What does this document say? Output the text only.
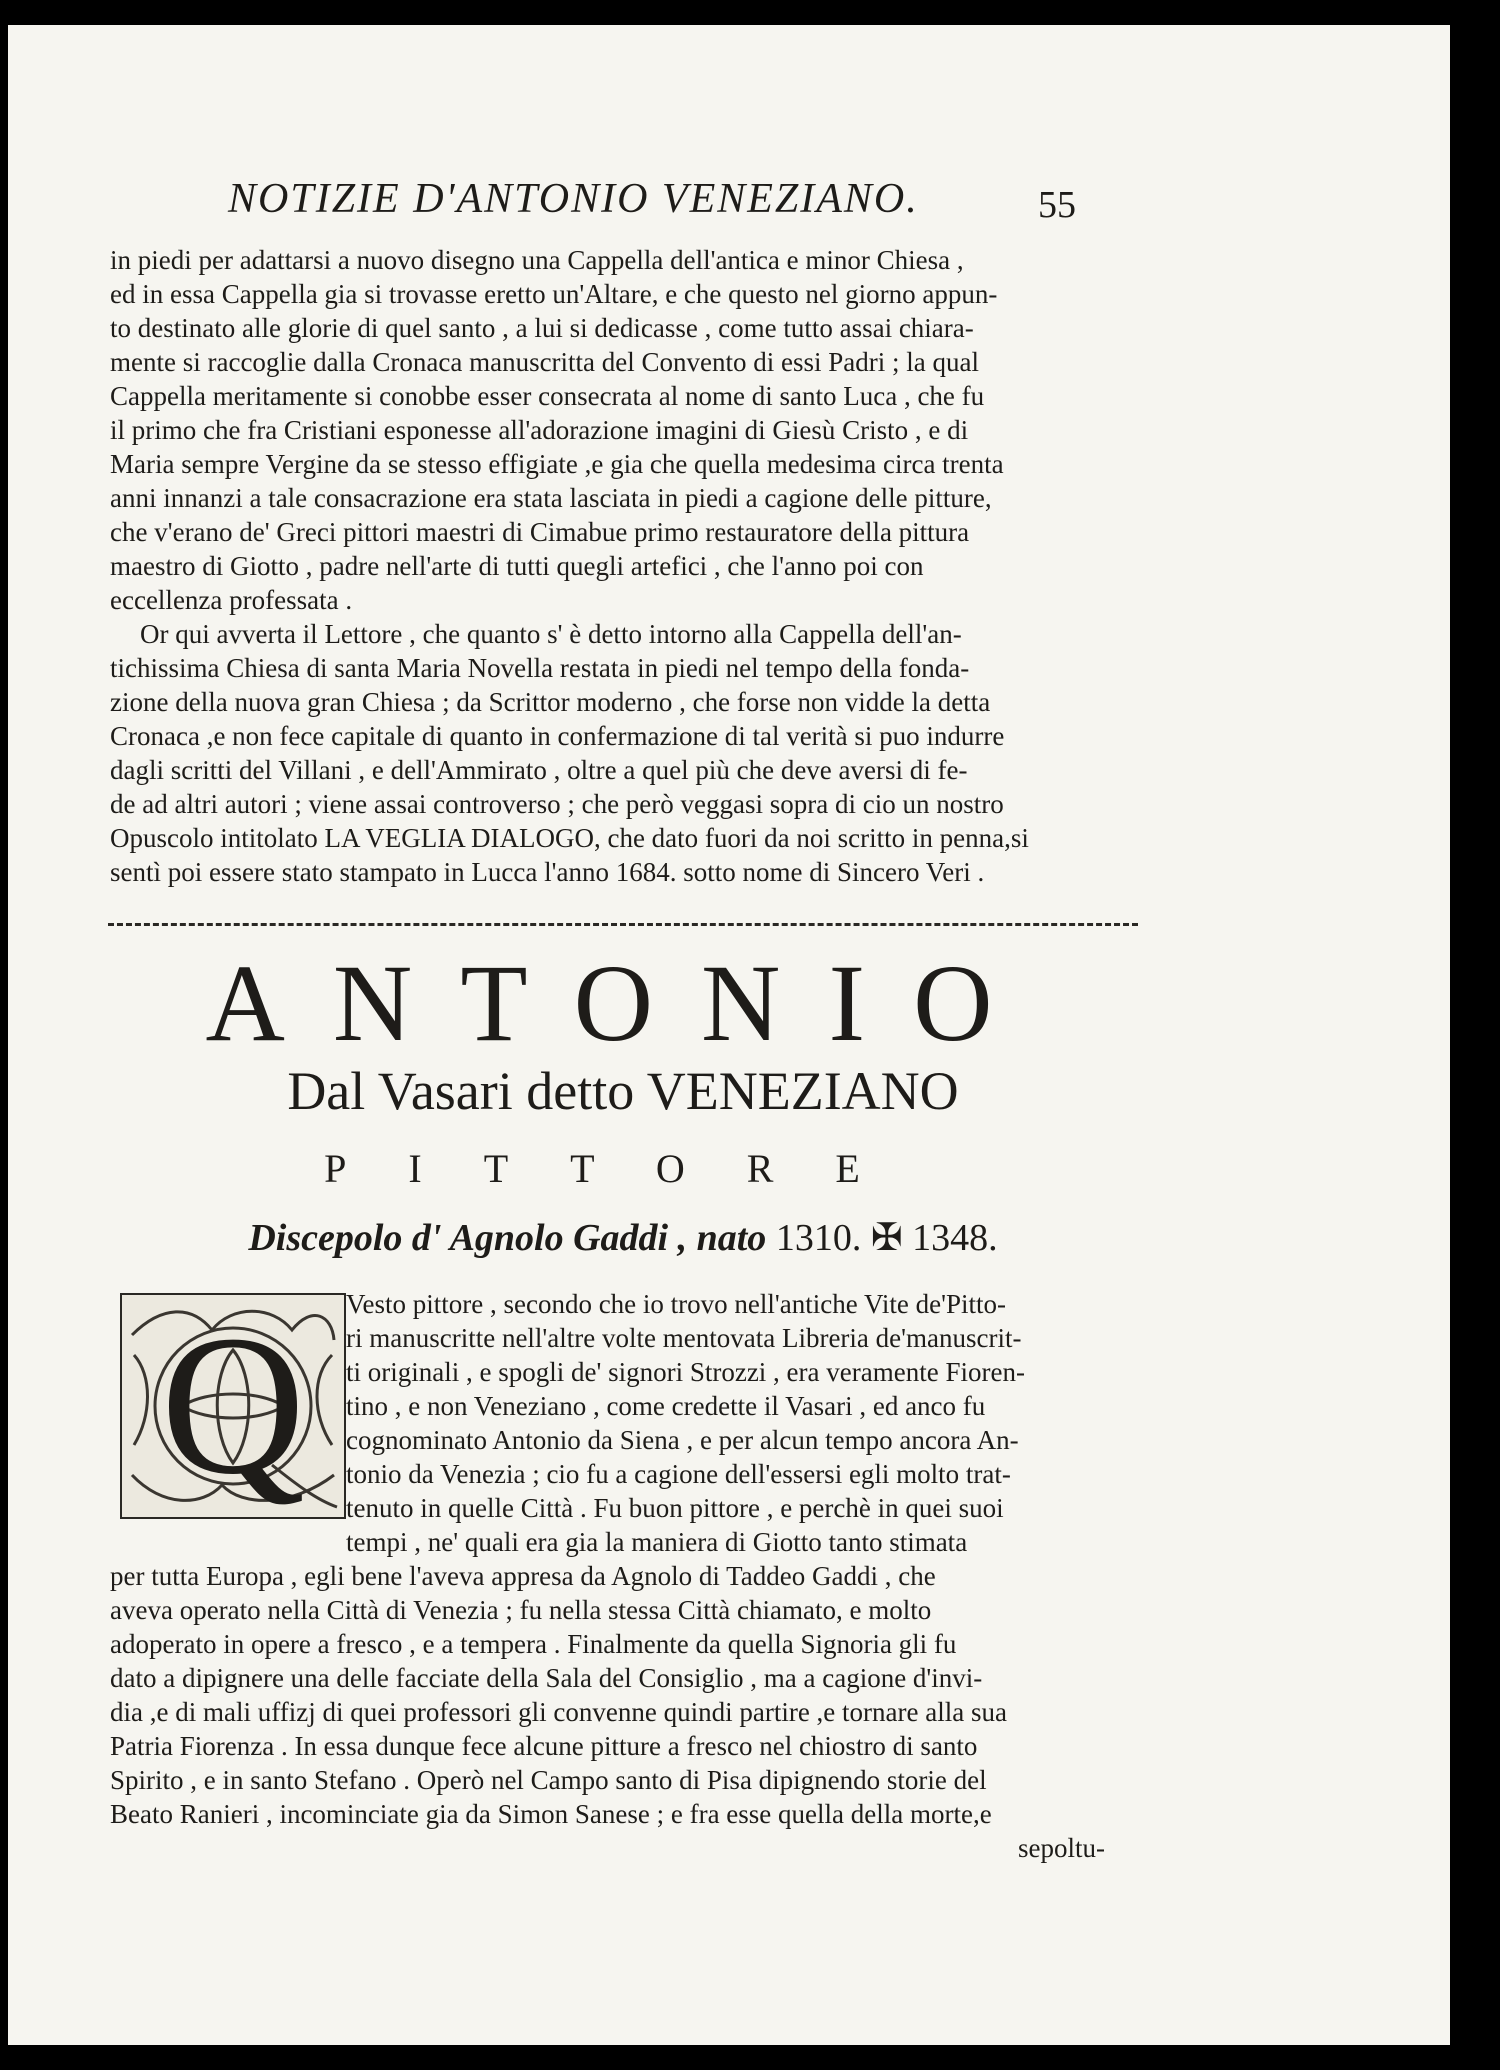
NOTIZIE D'ANTONIO VENEZIANO.	55
in piedi per adattarsi a nuovo disegno una Cappella dell'antica e minor Chiesa ,
ed in essa Cappella gia si trovasse eretto un'Altare, e che questo nel giorno appun-
to destinato alle glorie di quel santo , a lui si dedicasse , come tutto assai chiara-
mente si raccoglie dalla Cronaca manuscritta del Convento di essi Padri ; la qual
Cappella meritamente si conobbe esser consecrata al nome di santo Luca , che fu
il primo che fra Cristiani esponesse all'adorazione imagini di Giesù Cristo , e di
Maria sempre Vergine da se stesso effigiate ,e gia che quella medesima circa trenta
anni innanzi a tale consacrazione era stata lasciata in piedi a cagione delle pitture,
che v'erano de' Greci pittori maestri di Cimabue primo restauratore della pittura
maestro di Giotto , padre nell'arte di tutti quegli artefici , che l'anno poi con
eccellenza professata .
Or qui avverta il Lettore , che quanto s' è detto intorno alla Cappella dell'an-
tichissima Chiesa di santa Maria Novella restata in piedi nel tempo della fonda-
zione della nuova gran Chiesa ; da Scrittor moderno , che forse non vidde la detta
Cronaca ,e non fece capitale di quanto in confermazione di tal verità si puo indurre
dagli scritti del Villani , e dell'Ammirato , oltre a quel più che deve aversi di fe-
de ad altri autori ; viene assai controverso ; che però veggasi sopra di cio un nostro
Opuscolo intitolato LA VEGLIA DIALOGO, che dato fuori da noi scritto in penna,si
sentì poi essere stato stampato in Lucca l'anno 1684. sotto nome di Sincero Veri .
ANTONIO
Dal Vasari detto VENEZIANO
PITTORE
Discepolo d' Agnolo Gaddi , nato 1310. ✠ 1348.
Q	Vesto pittore , secondo che io trovo nell'antiche Vite de'Pitto-
ri manuscritte nell'altre volte mentovata Libreria de'manuscrit-
ti originali , e spogli de' signori Strozzi , era veramente Fioren-
tino , e non Veneziano , come credette il Vasari , ed anco fu
cognominato Antonio da Siena , e per alcun tempo ancora An-
tonio da Venezia ; cio fu a cagione dell'essersi egli molto trat-
tenuto in quelle Città . Fu buon pittore , e perchè in quei suoi
tempi , ne' quali era gia la maniera di Giotto tanto stimata
per tutta Europa , egli bene l'aveva appresa da Agnolo di Taddeo Gaddi , che
aveva operato nella Città di Venezia ; fu nella stessa Città chiamato, e molto
adoperato in opere a fresco , e a tempera . Finalmente da quella Signoria gli fu
dato a dipignere una delle facciate della Sala del Consiglio , ma a cagione d'invi-
dia ,e di mali uffizj di quei professori gli convenne quindi partire ,e tornare alla sua
Patria Fiorenza . In essa dunque fece alcune pitture a fresco nel chiostro di santo
Spirito , e in santo Stefano . Operò nel Campo santo di Pisa dipignendo storie del
Beato Ranieri , incominciate gia da Simon Sanese ; e fra esse quella della morte,e
sepoltu-
